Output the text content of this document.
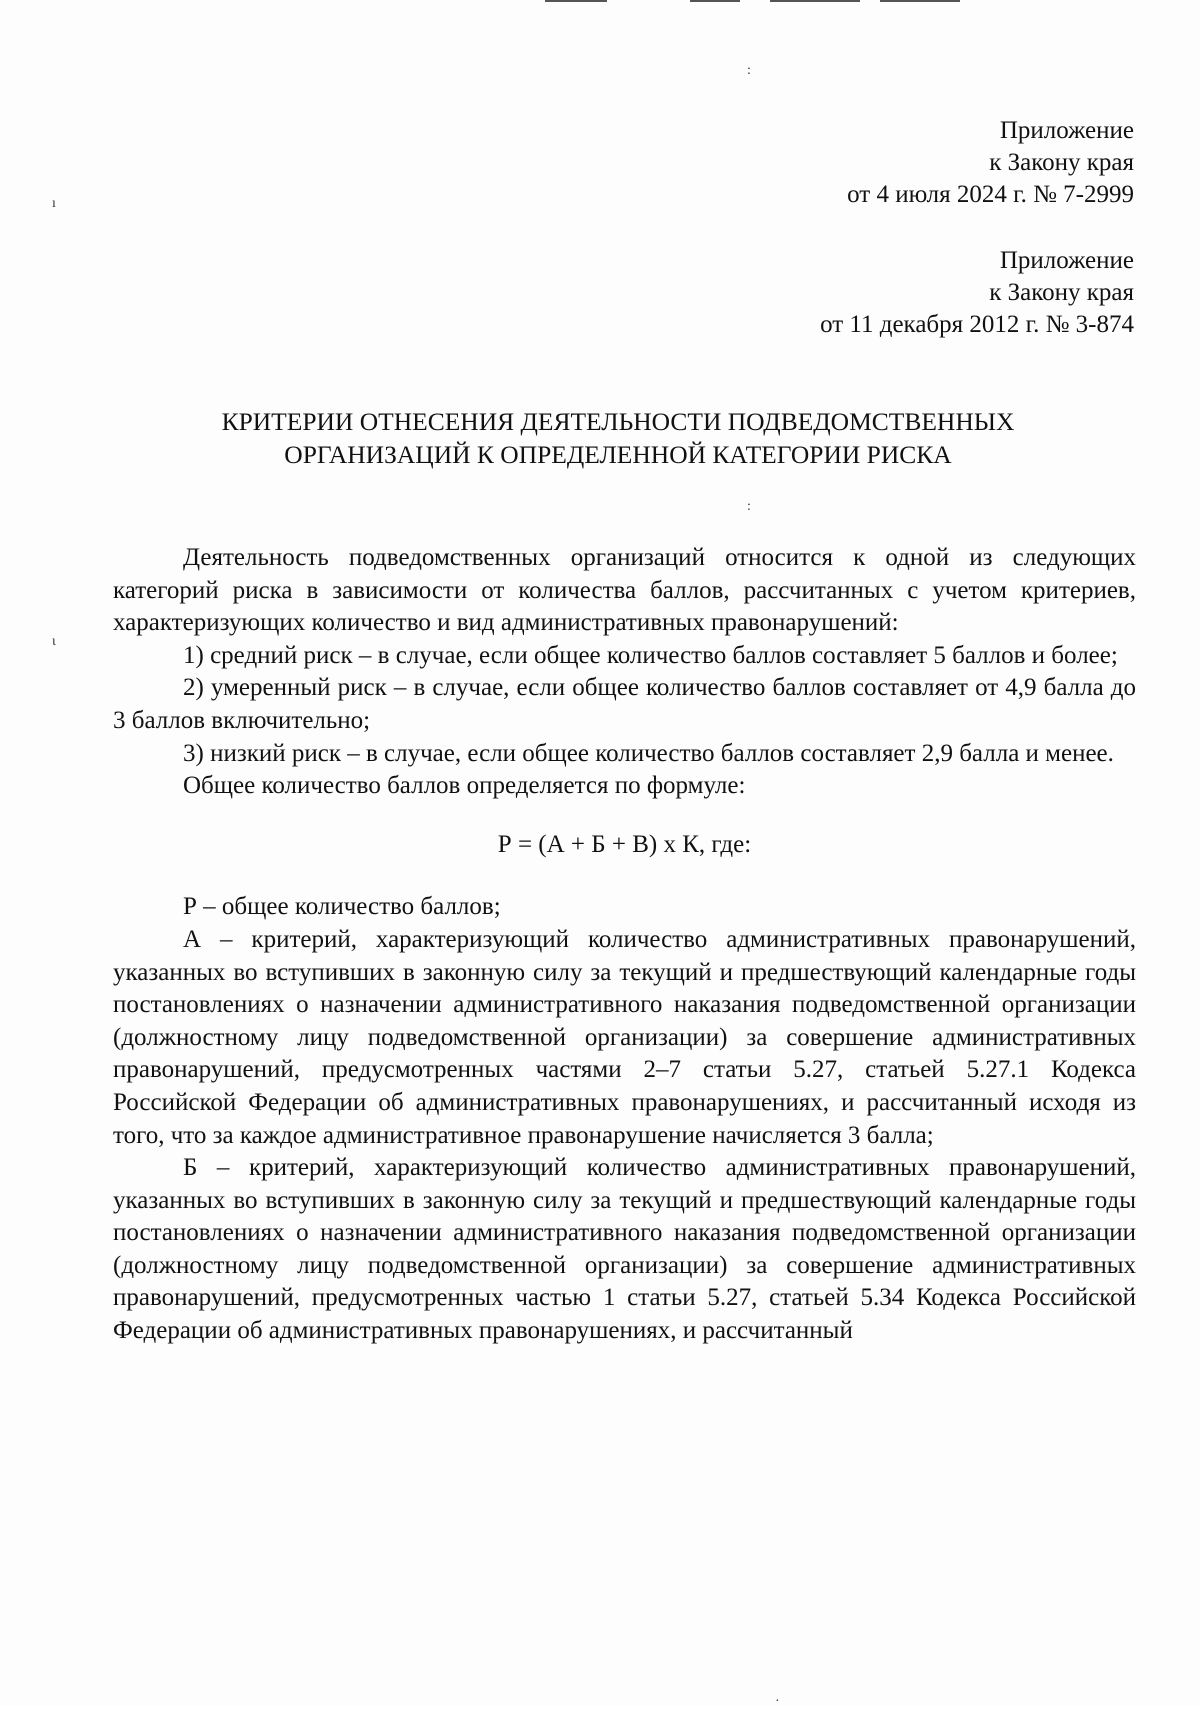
ı
ι
:
:
·
Приложение
к Закону края
от 4 июля 2024 г. № 7-2999
Приложение
к Закону края
от 11 декабря 2012 г. № 3-874
КРИТЕРИИ ОТНЕСЕНИЯ ДЕЯТЕЛЬНОСТИ ПОДВЕДОМСТВЕННЫХ
ОРГАНИЗАЦИЙ К ОПРЕДЕЛЕННОЙ КАТЕГОРИИ РИСКА

Деятельность подведомственных организаций относится к одной из следующих категорий риска в зависимости от количества баллов, рассчитанных с учетом критериев, характеризующих количество и вид административных правонарушений:

1) средний риск – в случае, если общее количество баллов составляет 5 баллов и более;

2) умеренный риск – в случае, если общее количество баллов составляет от 4,9 балла до 3 баллов включительно;

3) низкий риск – в случае, если общее количество баллов составляет 2,9 балла и менее.

Общее количество баллов определяется по формуле:

Р = (А + Б + В) х К, где:

Р – общее количество баллов;

А – критерий, характеризующий количество административных правонарушений, указанных во вступивших в законную силу за текущий и предшествующий календарные годы постановлениях о назначении административного наказания подведомственной организации (должностному лицу подведомственной организации) за совершение административных правонарушений, предусмотренных частями 2–7 статьи 5.27, статьей 5.27.1 Кодекса Российской Федерации об административных правонарушениях, и рассчитанный исходя из того, что за каждое административное правонарушение начисляется 3 балла;

Б – критерий, характеризующий количество административных правонарушений, указанных во вступивших в законную силу за текущий и предшествующий календарные годы постановлениях о назначении административного наказания подведомственной организации (должностному лицу подведомственной организации) за совершение административных правонарушений, предусмотренных частью 1 статьи 5.27, статьей 5.34 Кодекса Российской Федерации об административных правонарушениях, и рассчитанный
